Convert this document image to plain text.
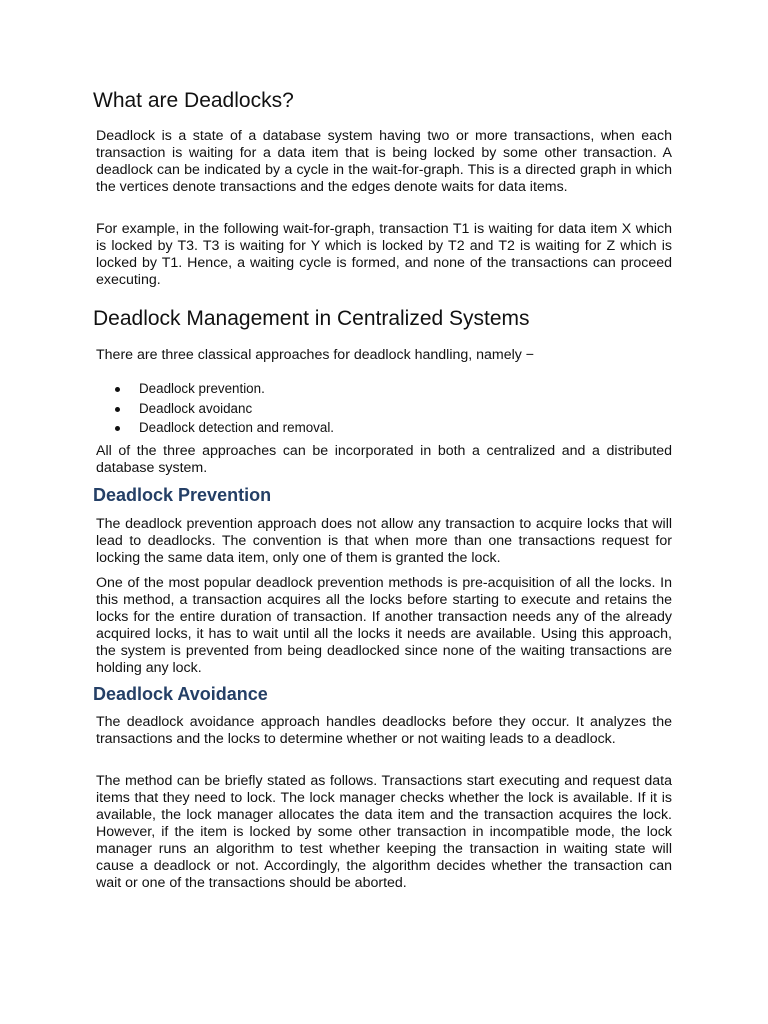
What are Deadlocks?

Deadlock is a state of a database system having two or more transactions, when each transaction is waiting for a data item that is being locked by some other transaction. A deadlock can be indicated by a cycle in the wait-for-graph. This is a directed graph in which the vertices denote transactions and the edges denote waits for data items.

For example, in the following wait-for-graph, transaction T1 is waiting for data item X which is locked by T3. T3 is waiting for Y which is locked by T2 and T2 is waiting for Z which is locked by T1. Hence, a waiting cycle is formed, and none of the transactions can proceed executing.

Deadlock Management in Centralized Systems

There are three classical approaches for deadlock handling, namely −

Deadlock prevention.
Deadlock avoidanc
Deadlock detection and removal.

All of the three approaches can be incorporated in both a centralized and a distributed database system.

Deadlock Prevention

The deadlock prevention approach does not allow any transaction to acquire locks that will lead to deadlocks. The convention is that when more than one transactions request for locking the same data item, only one of them is granted the lock.

One of the most popular deadlock prevention methods is pre-acquisition of all the locks. In this method, a transaction acquires all the locks before starting to execute and retains the locks for the entire duration of transaction. If another transaction needs any of the already acquired locks, it has to wait until all the locks it needs are available. Using this approach, the system is prevented from being deadlocked since none of the waiting transactions are holding any lock.

Deadlock Avoidance

The deadlock avoidance approach handles deadlocks before they occur. It analyzes the transactions and the locks to determine whether or not waiting leads to a deadlock.

The method can be briefly stated as follows. Transactions start executing and request data items that they need to lock. The lock manager checks whether the lock is available. If it is available, the lock manager allocates the data item and the transaction acquires the lock. However, if the item is locked by some other transaction in incompatible mode, the lock manager runs an algorithm to test whether keeping the transaction in waiting state will cause a deadlock or not. Accordingly, the algorithm decides whether the transaction can wait or one of the transactions should be aborted.
